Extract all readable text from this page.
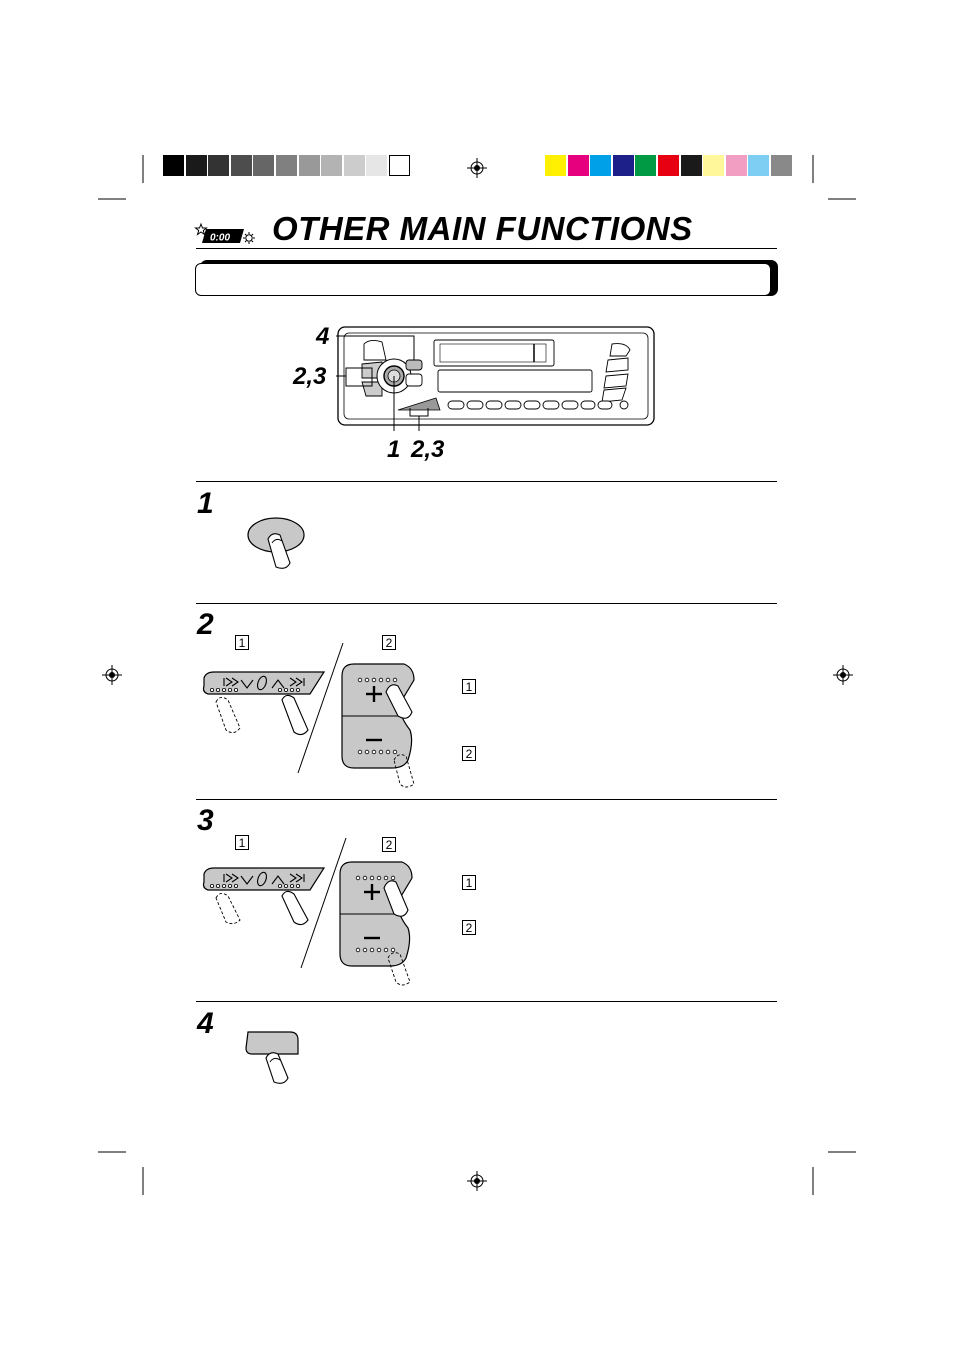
0:00 OTHER MAIN FUNCTIONS
4
2,3
1 2,3
1
2
1	2
1
2
3
1	2
1
2
4
